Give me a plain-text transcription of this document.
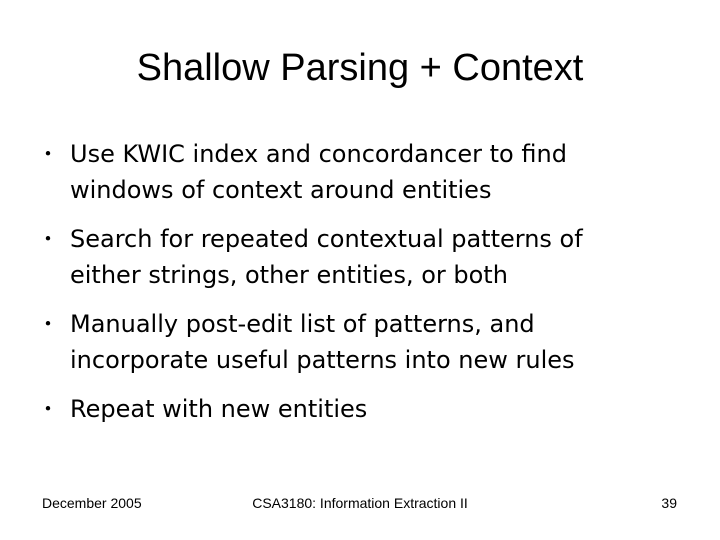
Shallow Parsing + Context
・ Use KWIC index and concordancer to find
windows of context around entities
・ Search for repeated contextual patterns of
either strings, other entities, or both
・ Manually post-edit list of patterns, and
incorporate useful patterns into new rules
・ Repeat with new entities
December 2005	CSA3180: Information Extraction II	39
